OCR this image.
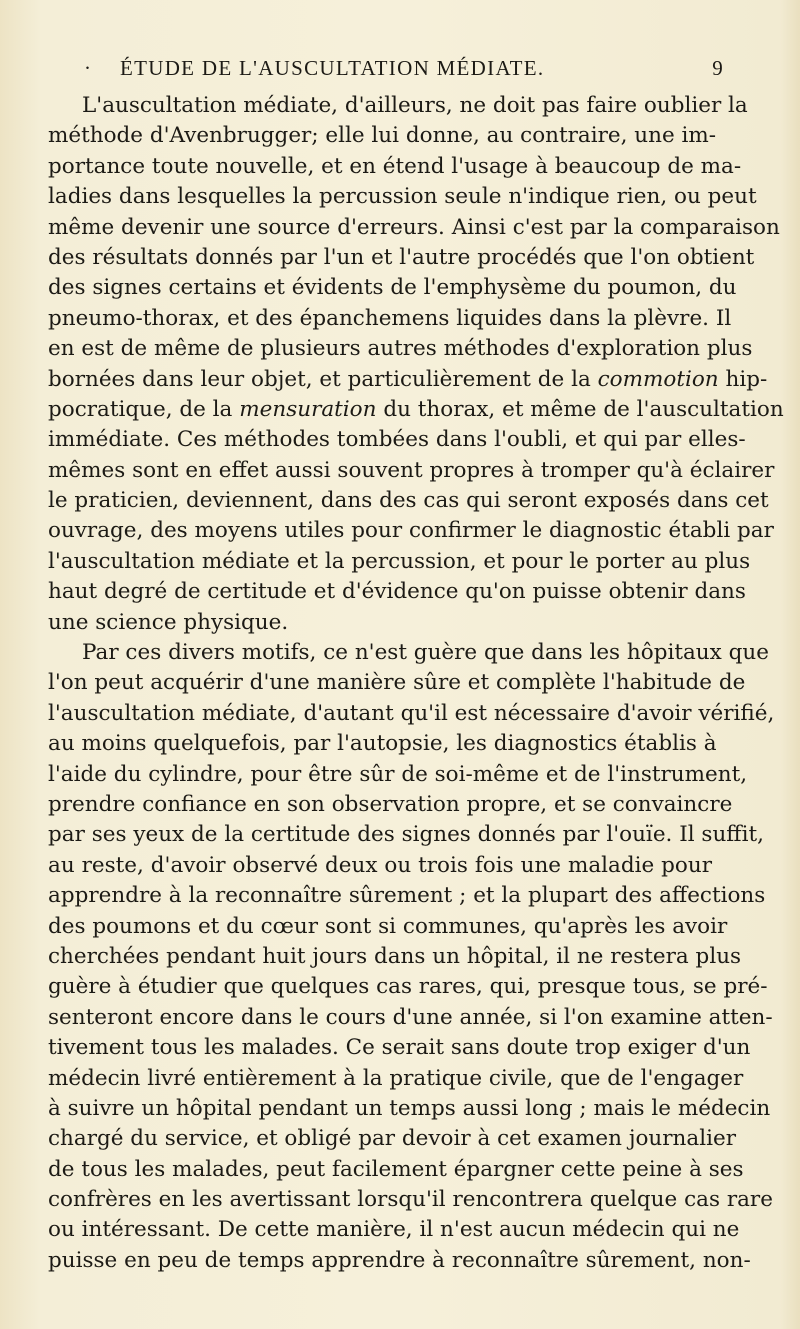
· ÉTUDE DE L'AUSCULTATION MÉDIATE.	9
L'auscultation médiate, d'ailleurs, ne doit pas faire oublier la
méthode d'Avenbrugger; elle lui donne, au contraire, une im-
portance toute nouvelle, et en étend l'usage à beaucoup de ma-
ladies dans lesquelles la percussion seule n'indique rien, ou peut
même devenir une source d'erreurs. Ainsi c'est par la comparaison
des résultats donnés par l'un et l'autre procédés que l'on obtient
des signes certains et évidents de l'emphysème du poumon, du
pneumo-thorax, et des épanchemens liquides dans la plèvre. Il
en est de même de plusieurs autres méthodes d'exploration plus
bornées dans leur objet, et particulièrement de la commotion hip-
pocratique, de la mensuration du thorax, et même de l'auscultation
immédiate. Ces méthodes tombées dans l'oubli, et qui par elles-
mêmes sont en effet aussi souvent propres à tromper qu'à éclairer
le praticien, deviennent, dans des cas qui seront exposés dans cet
ouvrage, des moyens utiles pour confirmer le diagnostic établi par
l'auscultation médiate et la percussion, et pour le porter au plus
haut degré de certitude et d'évidence qu'on puisse obtenir dans
une science physique.
Par ces divers motifs, ce n'est guère que dans les hôpitaux que
l'on peut acquérir d'une manière sûre et complète l'habitude de
l'auscultation médiate, d'autant qu'il est nécessaire d'avoir vérifié,
au moins quelquefois, par l'autopsie, les diagnostics établis à
l'aide du cylindre, pour être sûr de soi-même et de l'instrument,
prendre confiance en son observation propre, et se convaincre
par ses yeux de la certitude des signes donnés par l'ouïe. Il suffit,
au reste, d'avoir observé deux ou trois fois une maladie pour
apprendre à la reconnaître sûrement ; et la plupart des affections
des poumons et du cœur sont si communes, qu'après les avoir
cherchées pendant huit jours dans un hôpital, il ne restera plus
guère à étudier que quelques cas rares, qui, presque tous, se pré-
senteront encore dans le cours d'une année, si l'on examine atten-
tivement tous les malades. Ce serait sans doute trop exiger d'un
médecin livré entièrement à la pratique civile, que de l'engager
à suivre un hôpital pendant un temps aussi long ; mais le médecin
chargé du service, et obligé par devoir à cet examen journalier
de tous les malades, peut facilement épargner cette peine à ses
confrères en les avertissant lorsqu'il rencontrera quelque cas rare
ou intéressant. De cette manière, il n'est aucun médecin qui ne
puisse en peu de temps apprendre à reconnaître sûrement, non-
